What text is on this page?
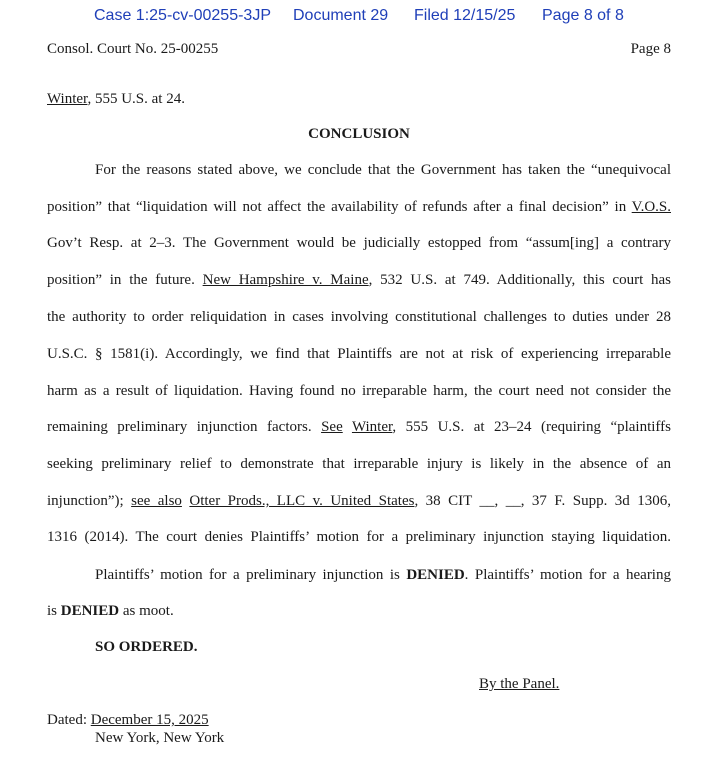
Case 1:25-cv-00255-3JP Document 29 Filed 12/15/25 Page 8 of 8
Consol. Court No. 25-00255	Page 8
Winter, 555 U.S. at 24.
CONCLUSION
For the reasons stated above, we conclude that the Government has taken the “unequivocal
position” that “liquidation will not affect the availability of refunds after a final decision” in V.O.S.
Gov’t Resp. at 2–3. The Government would be judicially estopped from “assum[ing] a contrary
position” in the future. New Hampshire v. Maine, 532 U.S. at 749. Additionally, this court has
the authority to order reliquidation in cases involving constitutional challenges to duties under 28
U.S.C. § 1581(i). Accordingly, we find that Plaintiffs are not at risk of experiencing irreparable
harm as a result of liquidation. Having found no irreparable harm, the court need not consider the
remaining preliminary injunction factors. See Winter, 555 U.S. at 23–24 (requiring “plaintiffs
seeking preliminary relief to demonstrate that irreparable injury is likely in the absence of an
injunction”); see also Otter Prods., LLC v. United States, 38 CIT __, __, 37 F. Supp. 3d 1306,
1316 (2014). The court denies Plaintiffs’ motion for a preliminary injunction staying liquidation.
Plaintiffs’ motion for a preliminary injunction is DENIED. Plaintiffs’ motion for a hearing
is DENIED as moot.
SO ORDERED.
By the Panel.
Dated: December 15, 2025
New York, New York
